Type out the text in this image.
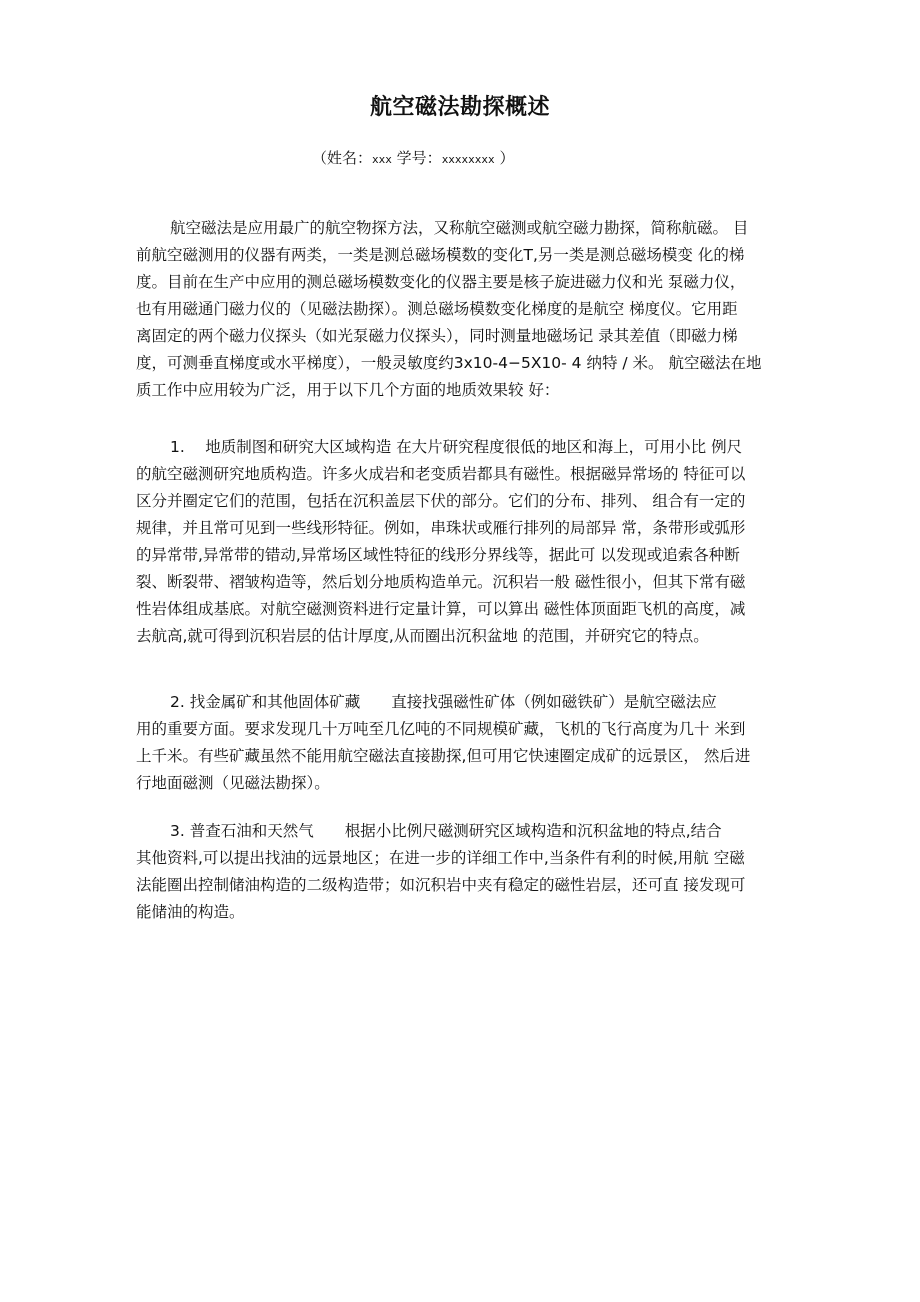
航空磁法勘探概述
（姓名：xxx 学号：xxxxxxxx ）
航空磁法是应用最广的航空物探方法，又称航空磁测或航空磁力勘探，简称航磁。 目
前航空磁测用的仪器有两类，一类是测总磁场模数的变化T,另一类是测总磁场模变 化的梯
度。目前在生产中应用的测总磁场模数变化的仪器主要是核子旋进磁力仪和光 泵磁力仪，
也有用磁通门磁力仪的（见磁法勘探）。测总磁场模数变化梯度的是航空 梯度仪。它用距
离固定的两个磁力仪探头（如光泵磁力仪探头），同时测量地磁场记 录其差值（即磁力梯
度，可测垂直梯度或水平梯度），一般灵敏度约3x10-4−5X10- 4 纳特 / 米。 航空磁法在地
质工作中应用较为广泛，用于以下几个方面的地质效果较 好：
1.　 地质制图和研究大区域构造 在大片研究程度很低的地区和海上，可用小比 例尺
的航空磁测研究地质构造。许多火成岩和老变质岩都具有磁性。根据磁异常场的 特征可以
区分并圈定它们的范围，包括在沉积盖层下伏的部分。它们的分布、排列、 组合有一定的
规律，并且常可见到一些线形特征。例如，串珠状或雁行排列的局部异 常，条带形或弧形
的异常带,异常带的错动,异常场区域性特征的线形分界线等，据此可 以发现或追索各种断
裂、断裂带、褶皱构造等，然后划分地质构造单元。沉积岩一般 磁性很小，但其下常有磁
性岩体组成基底。对航空磁测资料进行定量计算，可以算出 磁性体顶面距飞机的高度，减
去航高,就可得到沉积岩层的估计厚度,从而圈出沉积盆地 的范围，并研究它的特点。
2. 找金属矿和其他固体矿藏　　直接找强磁性矿体（例如磁铁矿）是航空磁法应
用的重要方面。要求发现几十万吨至几亿吨的不同规模矿藏，飞机的飞行高度为几十 米到
上千米。有些矿藏虽然不能用航空磁法直接勘探,但可用它快速圈定成矿的远景区， 然后进
行地面磁测（见磁法勘探）。
3. 普查石油和天然气　　根据小比例尺磁测研究区域构造和沉积盆地的特点,结合
其他资料,可以提出找油的远景地区；在进一步的详细工作中,当条件有利的时候,用航 空磁
法能圈出控制储油构造的二级构造带；如沉积岩中夹有稳定的磁性岩层，还可直 接发现可
能储油的构造。
